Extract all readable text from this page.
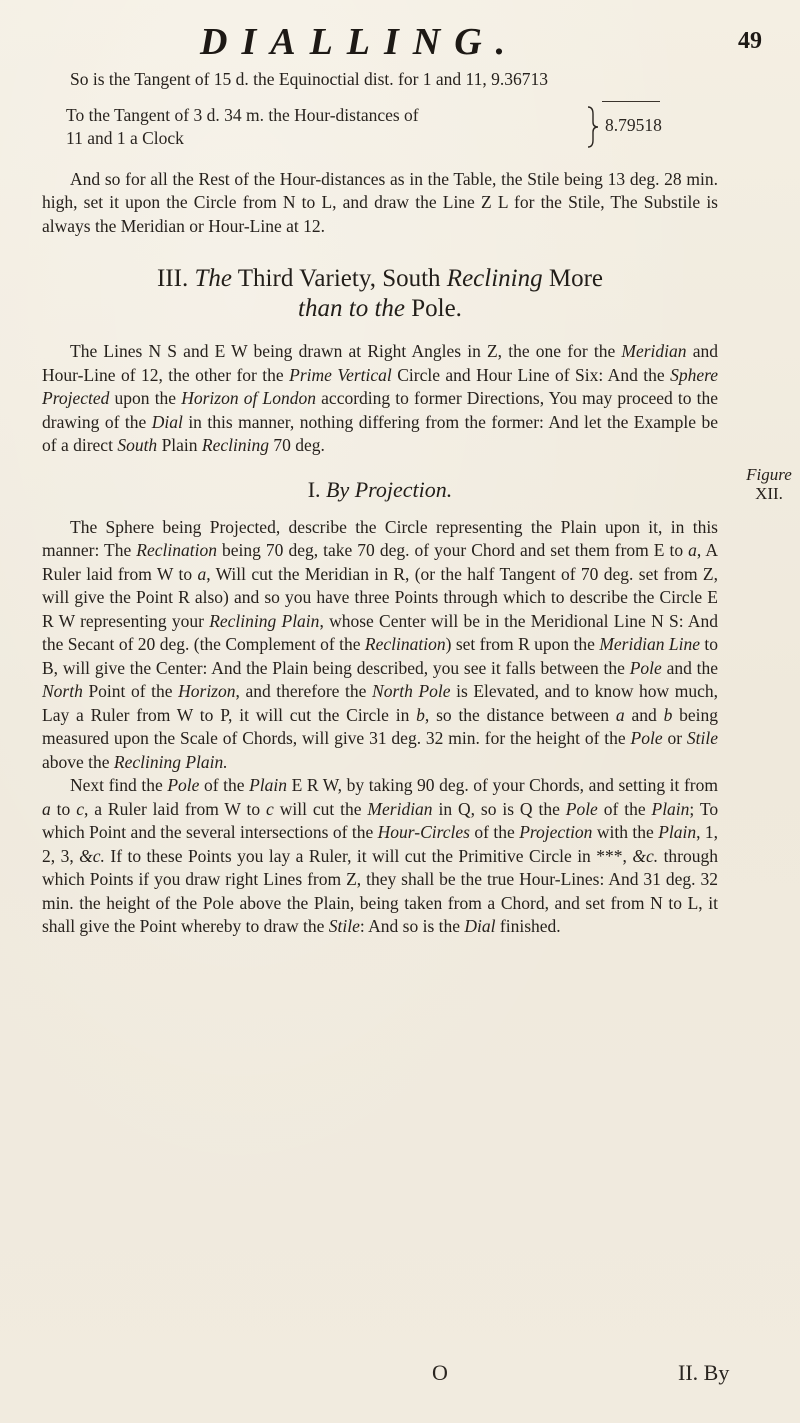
DIALLING.	49

So is the Tangent of 15 d. the Equinoctial dist. for 1 and 11, 9.36713

To the Tangent of 3 d. 34 m. the Hour-distances of
11 and 1 a Clock
8.79518

And so for all the Rest of the Hour-distances as in the Table, the Stile being 13 deg. 28 min. high, set it upon the Circle from N to L, and draw the Line Z L for the Stile, The Substile is always the Meridian or Hour-Line at 12.

III. The Third Variety, South Reclining More
than to the Pole.

The Lines N S and E W being drawn at Right Angles in Z, the one for the Meridian and Hour-Line of 12, the other for the Prime Vertical Circle and Hour Line of Six: And the Sphere Projected upon the Horizon of London according to former Directions, You may proceed to the drawing of the Dial in this manner, nothing differing from the former: And let the Example be of a direct South Plain Reclining 70 deg.

I. By Projection.

The Sphere being Projected, describe the Circle representing the Plain upon it, in this manner: The Reclination being 70 deg, take 70 deg. of your Chord and set them from E to a, A Ruler laid from W to a, Will cut the Meridian in R, (or the half Tangent of 70 deg. set from Z, will give the Point R also) and so you have three Points through which to describe the Circle E R W representing your Reclining Plain, whose Center will be in the Meridional Line N S: And the Secant of 20 deg. (the Complement of the Reclination) set from R upon the Meridian Line to B, will give the Center: And the Plain being described, you see it falls between the Pole and the North Point of the Horizon, and therefore the North Pole is Elevated, and to know how much, Lay a Ruler from W to P, it will cut the Circle in b, so the distance between a and b being measured upon the Scale of Chords, will give 31 deg. 32 min. for the height of the Pole or Stile above the Reclining Plain.

Next find the Pole of the Plain E R W, by taking 90 deg. of your Chords, and setting it from a to c, a Ruler laid from W to c will cut the Meridian in Q, so is Q the Pole of the Plain; To which Point and the several intersections of the Hour-Circles of the Projection with the Plain, 1, 2, 3, &c. If to these Points you lay a Ruler, it will cut the Primitive Circle in ***, &c. through which Points if you draw right Lines from Z, they shall be the true Hour-Lines: And 31 deg. 32 min. the height of the Pole above the Plain, being taken from a Chord, and set from N to L, it shall give the Point whereby to draw the Stile: And so is the Dial finished.

Figure
XII.
O	II. By
